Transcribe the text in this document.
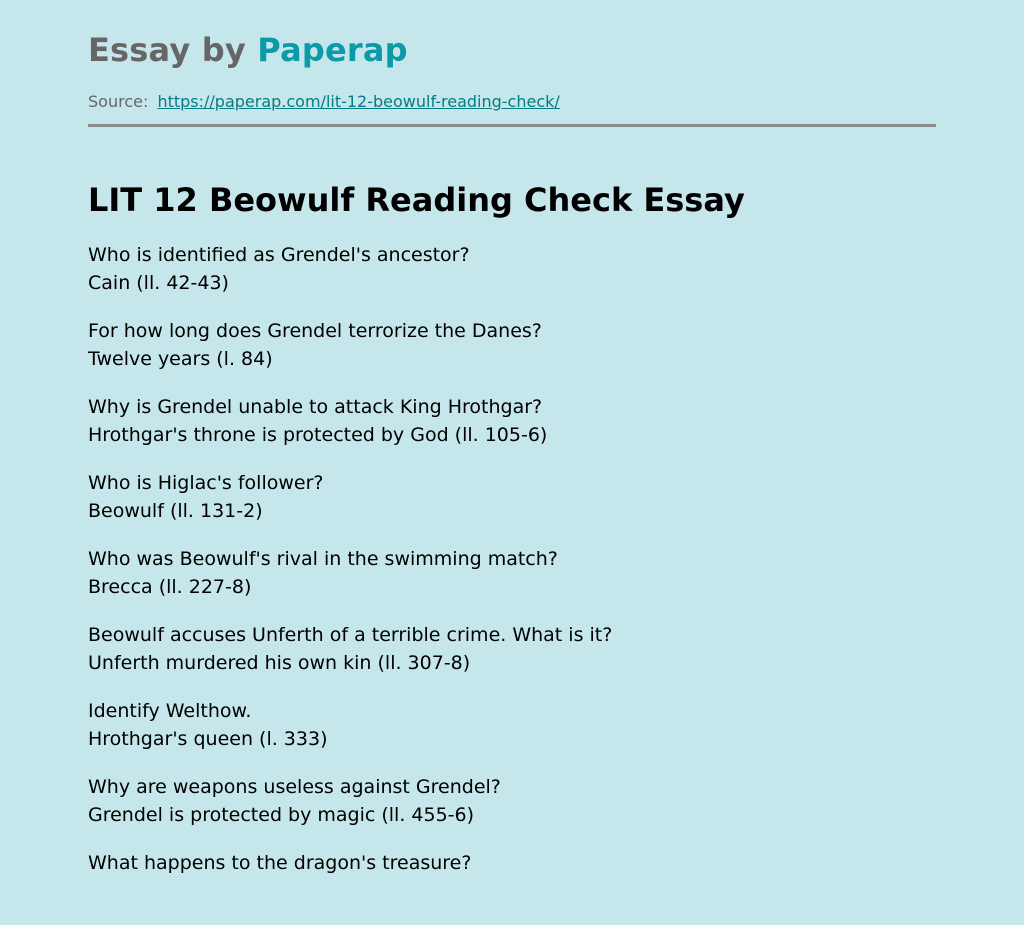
Essay by Paperap
Source: https://paperap.com/lit-12-beowulf-reading-check/
LIT 12 Beowulf Reading Check Essay
Who is identified as Grendel's ancestor?
Cain (ll. 42-43)
For how long does Grendel terrorize the Danes?
Twelve years (l. 84)
Why is Grendel unable to attack King Hrothgar?
Hrothgar's throne is protected by God (ll. 105-6)
Who is Higlac's follower?
Beowulf (ll. 131-2)
Who was Beowulf's rival in the swimming match?
Brecca (ll. 227-8)
Beowulf accuses Unferth of a terrible crime. What is it?
Unferth murdered his own kin (ll. 307-8)
Identify Welthow.
Hrothgar's queen (l. 333)
Why are weapons useless against Grendel?
Grendel is protected by magic (ll. 455-6)
What happens to the dragon's treasure?
